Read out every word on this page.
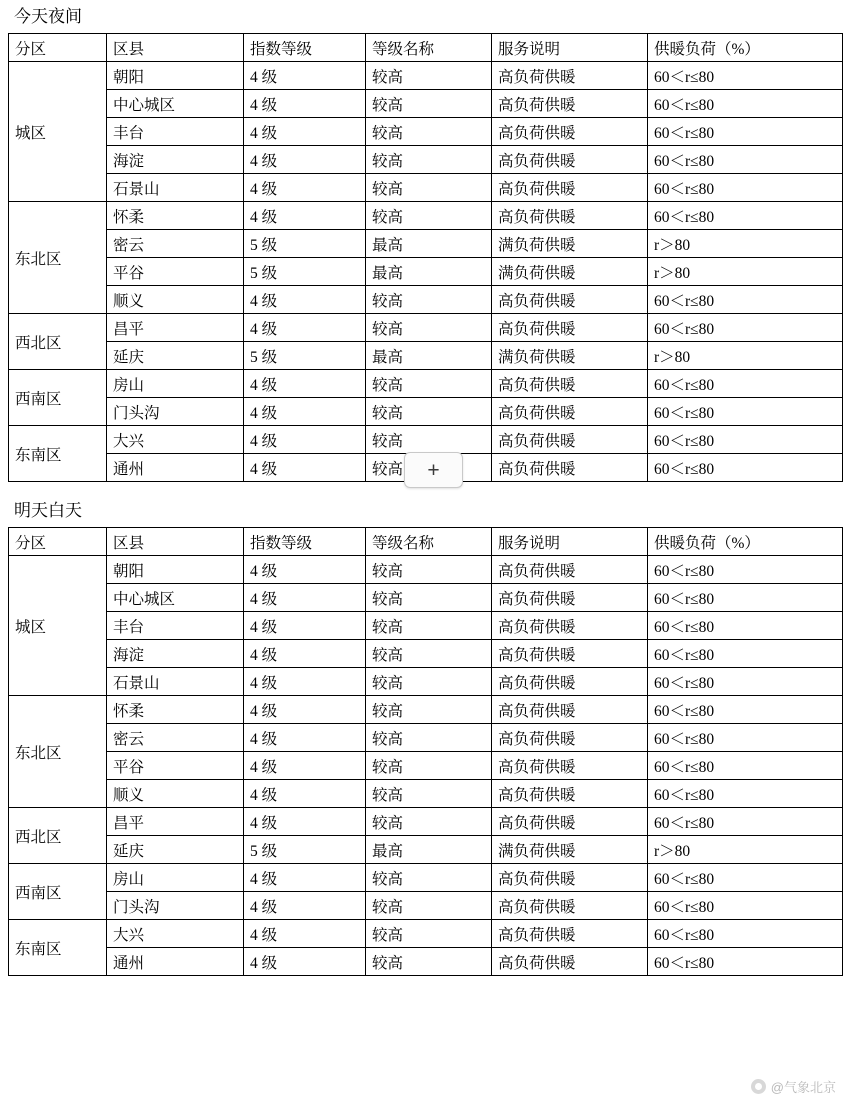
今天夜间
分区	区县	指数等级	等级名称	服务说明	供暖负荷（%）
城区	朝阳	4 级	较高	高负荷供暖	60＜r≤80
	中心城区	4 级	较高	高负荷供暖	60＜r≤80
	丰台	4 级	较高	高负荷供暖	60＜r≤80
	海淀	4 级	较高	高负荷供暖	60＜r≤80
	石景山	4 级	较高	高负荷供暖	60＜r≤80
东北区	怀柔	4 级	较高	高负荷供暖	60＜r≤80
	密云	5 级	最高	满负荷供暖	r＞80
	平谷	5 级	最高	满负荷供暖	r＞80
	顺义	4 级	较高	高负荷供暖	60＜r≤80
西北区	昌平	4 级	较高	高负荷供暖	60＜r≤80
	延庆	5 级	最高	满负荷供暖	r＞80
西南区	房山	4 级	较高	高负荷供暖	60＜r≤80
	门头沟	4 级	较高	高负荷供暖	60＜r≤80
东南区	大兴	4 级	较高	高负荷供暖	60＜r≤80
	通州	4 级	较高	高负荷供暖	60＜r≤80
+
明天白天
分区	区县	指数等级	等级名称	服务说明	供暖负荷（%）
城区	朝阳	4 级	较高	高负荷供暖	60＜r≤80
	中心城区	4 级	较高	高负荷供暖	60＜r≤80
	丰台	4 级	较高	高负荷供暖	60＜r≤80
	海淀	4 级	较高	高负荷供暖	60＜r≤80
	石景山	4 级	较高	高负荷供暖	60＜r≤80
东北区	怀柔	4 级	较高	高负荷供暖	60＜r≤80
	密云	4 级	较高	高负荷供暖	60＜r≤80
	平谷	4 级	较高	高负荷供暖	60＜r≤80
	顺义	4 级	较高	高负荷供暖	60＜r≤80
西北区	昌平	4 级	较高	高负荷供暖	60＜r≤80
	延庆	5 级	最高	满负荷供暖	r＞80
西南区	房山	4 级	较高	高负荷供暖	60＜r≤80
	门头沟	4 级	较高	高负荷供暖	60＜r≤80
东南区	大兴	4 级	较高	高负荷供暖	60＜r≤80
	通州	4 级	较高	高负荷供暖	60＜r≤80
@气象北京
